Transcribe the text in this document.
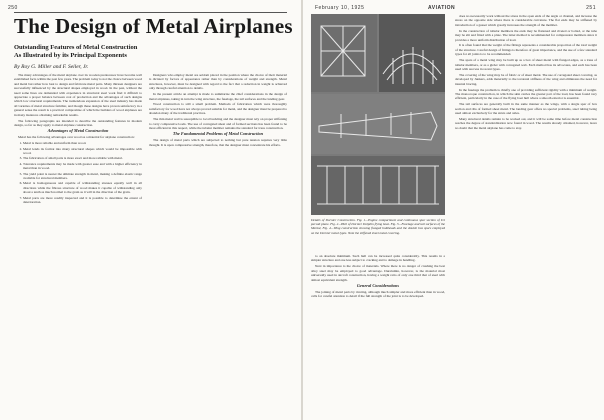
250
The Design of Metal Airplanes
Outstanding Features of Metal Construction
As Illustrated by its Principal Exponents
By Roy G. Miller and F. Seiler, Jr.

The many advantages of the metal airplane over its wooden predecessor have become well established facts within the past few years. The problem today is not the choice between wood and metal but rather how best to design and fabricate metal parts. Many thirteen designers are successfully influenced by the structural shapes employed in wood. In the past, without the need some lines are demanded with experience in structural steel work find it difficult to appreciate a proper balance between cost of production and the advantages of such designs which low structural requirements. The tremendous expansion of the steel industry has made all varieties of metal structure familiar, and though these designs have proven satisfactory in a general sense the result is a practical compromise of which the builders of wood airplanes are in many instances obtaining remarkable results.

The following paragraphs are intended to describe the outstanding features in modern design, so far as they apply to metal airplane construction.

Advantages of Metal Construction

Metal has the following advantages over wood as a material for airplane construction:

1. Metal is more reliable and uniform than wood.
2. Metal lends its format into many structural shapes which would be impossible with wood.
3. The fabrication of small parts is more exact and more reliable with metal.
4. Tolerance requirements may be made with greater ease and with a higher efficiency in metal than in wood.
5. The yield point is nearer the ultimate strength in metal, making a definite elastic range available for structural members.
6. Metal is homogeneous and capable of withstanding stresses equally well in all directions while the fibrous structure of wood makes it capable of withstanding only about a tenth as much normal to the grain as it will in the direction of the grain.
7. Metal parts are more readily inspected and it is possible to determine the extent of deterioration.

Designers who employ metal are seldom placed in the position where the choice of their material is dictated by factors of appearance rather than by considerations of weight and strength. Metal structures, however, must be designed with regard to the fact that a reduction in weight is achieved only through careful attention to details.

In the present article an attempt is made to summarize the chief considerations in the design of metal airplanes, taking in turn the wing structure, the fuselage, the tail surfaces and the landing gear.

Wood construction is still a small problem. Methods of fabrication which were thoroughly satisfactory for wood have not always proved suitable for metal, and the designer must be prepared to abandon many of the traditional practices.

The thin metal wall is susceptible to local buckling and the designer must rely on proper stiffening to carry compressive loads. The use of corrugated sheet and of formed sections has been found to be most efficient in this respect, while the tubular member remains the standard for truss construction.

The Fundamental Problems of Metal Construction

The design of metal parts which are subjected to nothing but pure tension requires very little thought. It is upon compressive strength, therefore, that the designer must concentrate his efforts.

February 10, 1925	AVIATION	251
Details of Dornier Construction. Fig. 1—Engine compartment and continuous spar section of D1 pursuit plane. Fig. 2—Hull of Dornier Dolphin flying boat. Fig. 3—Fuselage and tail surfaces of the Merkur, Fig. 4—Wing construction showing flanged bulkheads and the double box spars employed on the Dornier metal types. Note the stiffened sheet metal covering.

to an absolute minimum. Such hull can be increased quite considerably. This results in a simpler structure and one less subject to cracking and to damage in handling.

Next in importance is the choice of materials. Where there is no danger of crushing the best alloy steel may be employed to good advantage. Duralumin, however, is the material most universally used in aircraft construction, having a weight ratio of only one third that of steel with almost equivalent strength.

General Considerations

The joining of metal parts by riveting, although much simpler and more efficient than in wood, calls for careful attention to detail if the full strength of the joint is to be developed.

does no necessarily work without the stress in the open ends of the angle or channel, and increase the stress on the opposite side where there is considerable curvature. The flat ends may be stiffened by introduction of a gusset which greatly increases the strength of the member.

In the construction of tubular members the ends may be flattened and riveted or bolted, or the tube may be slit and fitted with a plate. The latter method is recommended for compression members since it provides a more uniform distribution of load.

It is often found that the weight of the fittings represents a considerable proportion of the total weight of the structure. Careful design of fittings is therefore of great importance, and the use of a few standard types for all joints is to be recommended.

The spars of a metal wing may be built up as a box of sheet metal with flanged edges, as a truss of tubular members, or as a girder with corrugated web. Each method has its advocates, and each has been used with success in recent types.

The covering of the wing may be of fabric or of sheet metal. The use of corrugated sheet covering, as developed by Junkers, adds materially to the torsional stiffness of the wing and eliminates the need for internal bracing.

In the fuselage the problem is chiefly one of providing sufficient rigidity with a minimum of weight. The monocoque construction, in which the skin carries the greater part of the load, has been found very efficient, particularly in the case of the flying boat hull where a smooth exterior is essential.

The tail surfaces are generally built in the same manner as the wings, with a single spar of box section and ribs of formed sheet metal. The landing gear offers no special problems, steel tubing being used almost exclusively for the struts and axles.

Many structural details remain to be worked out, and it will be some time before metal construction reaches the degree of standardization now found in wood. The results already obtained, however, leave no doubt that the metal airplane has come to stay.
